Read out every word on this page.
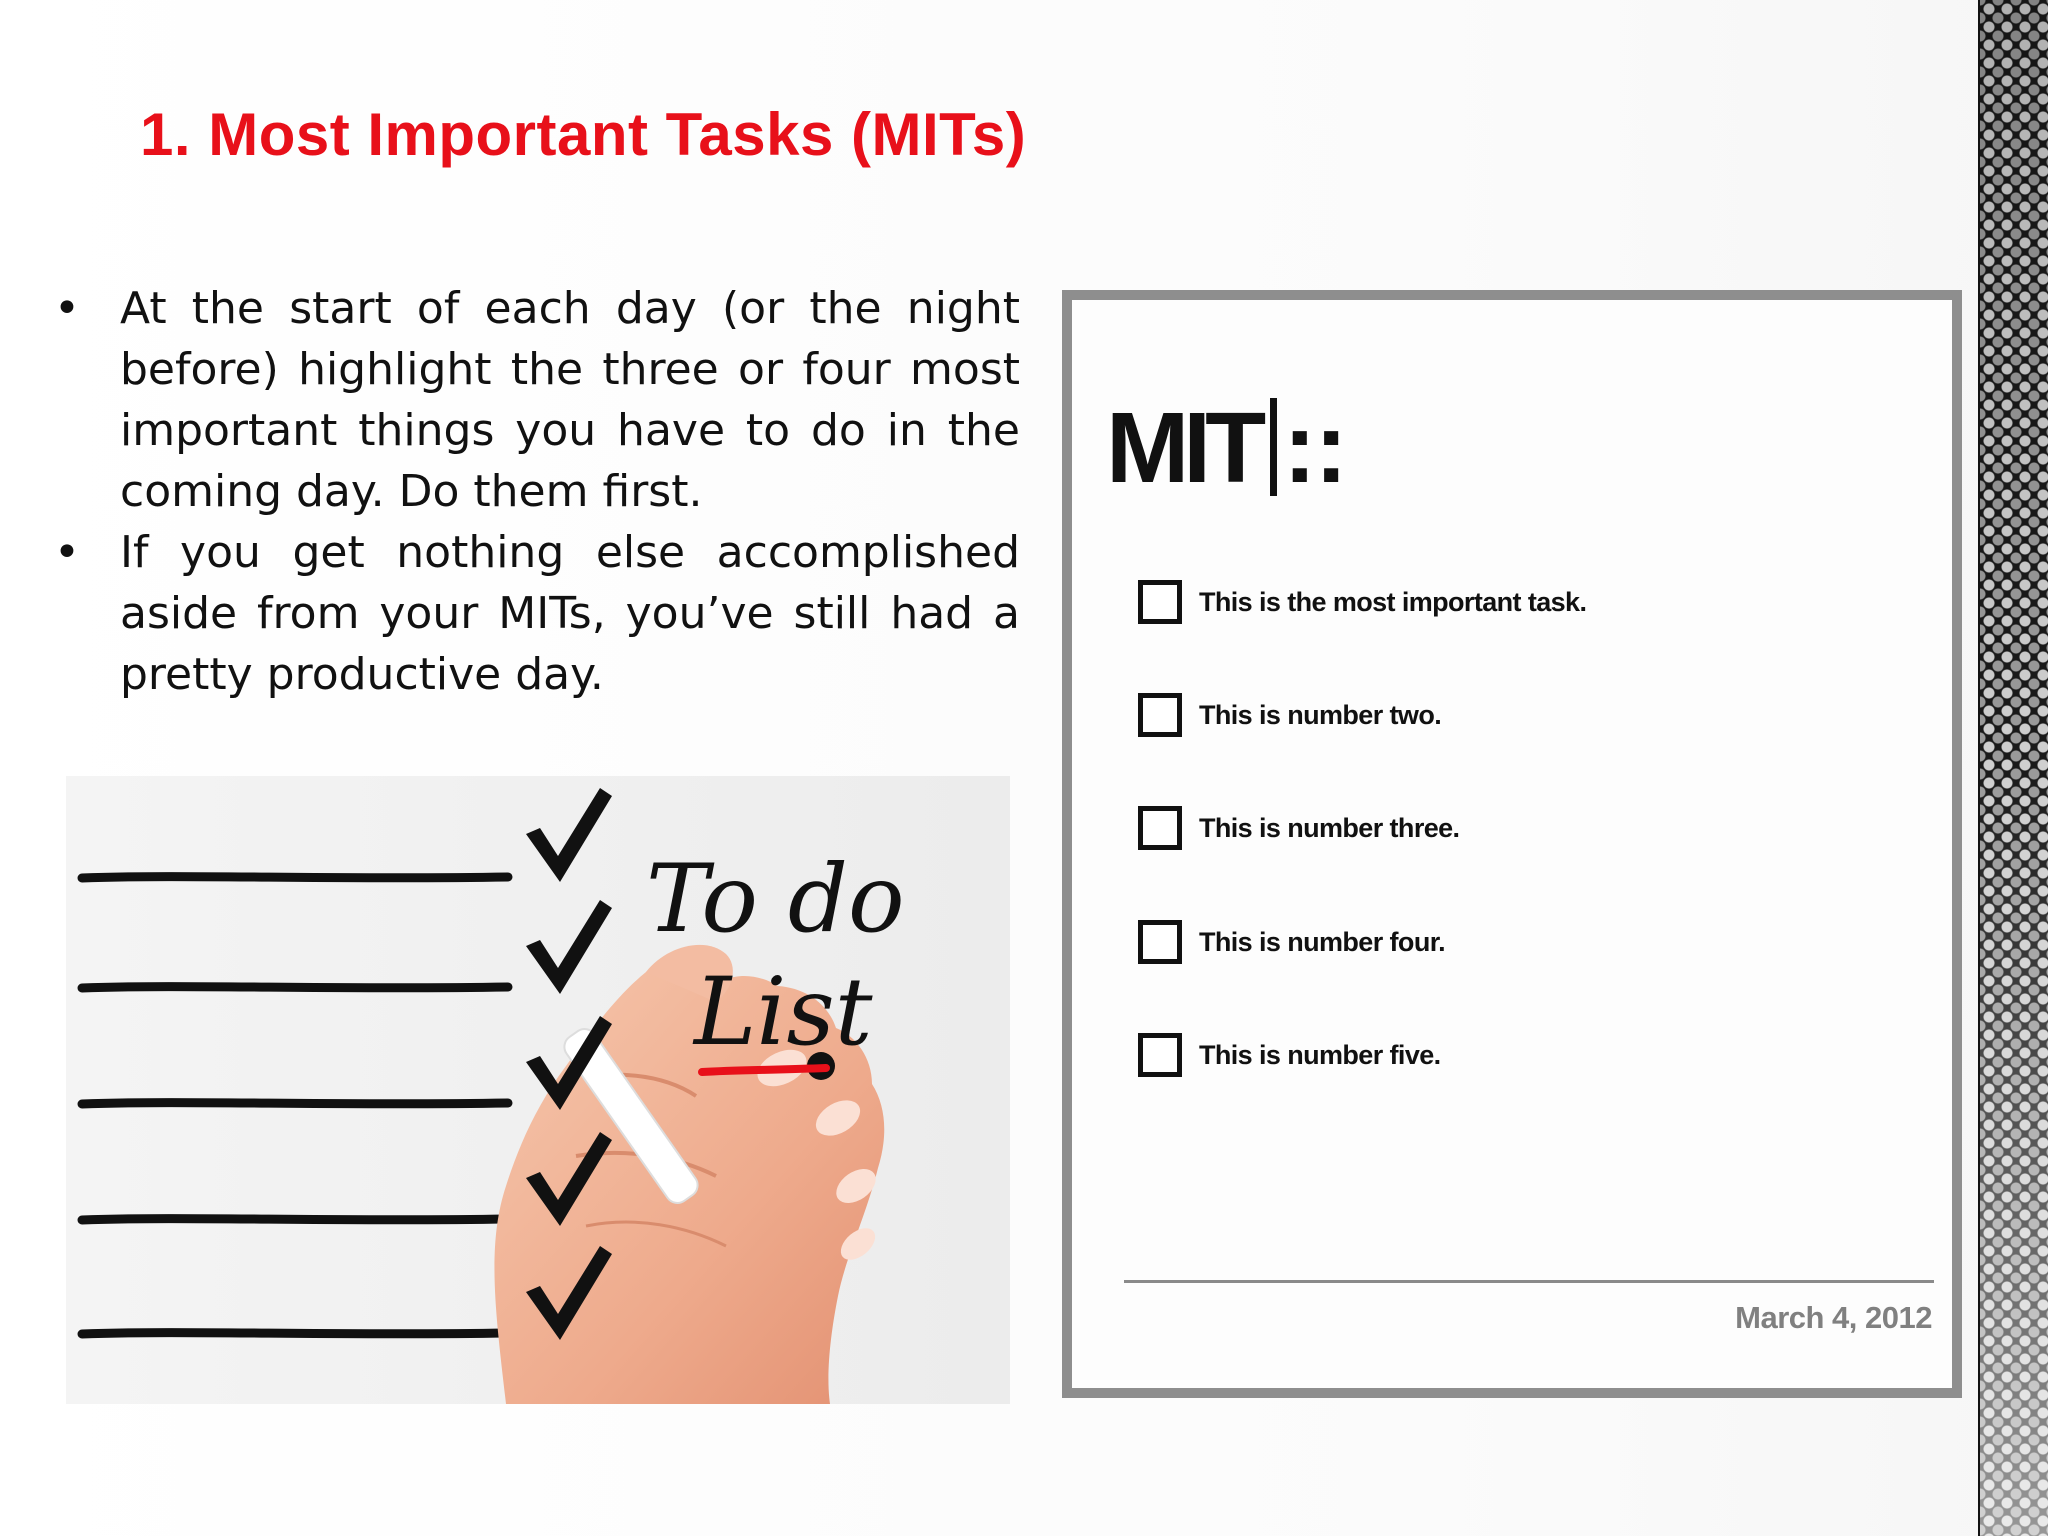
1. Most Important Tasks (MITs)
• At the start of each day (or the night before) highlight the three or four most important things you have to do in the coming day. Do them first.
• If you get nothing else accomplished aside from your MITs, you’ve still had a pretty productive day.
To do
List
MIT ::
This is the most important task.
This is number two.
This is number three.
This is number four.
This is number five.
March 4, 2012
